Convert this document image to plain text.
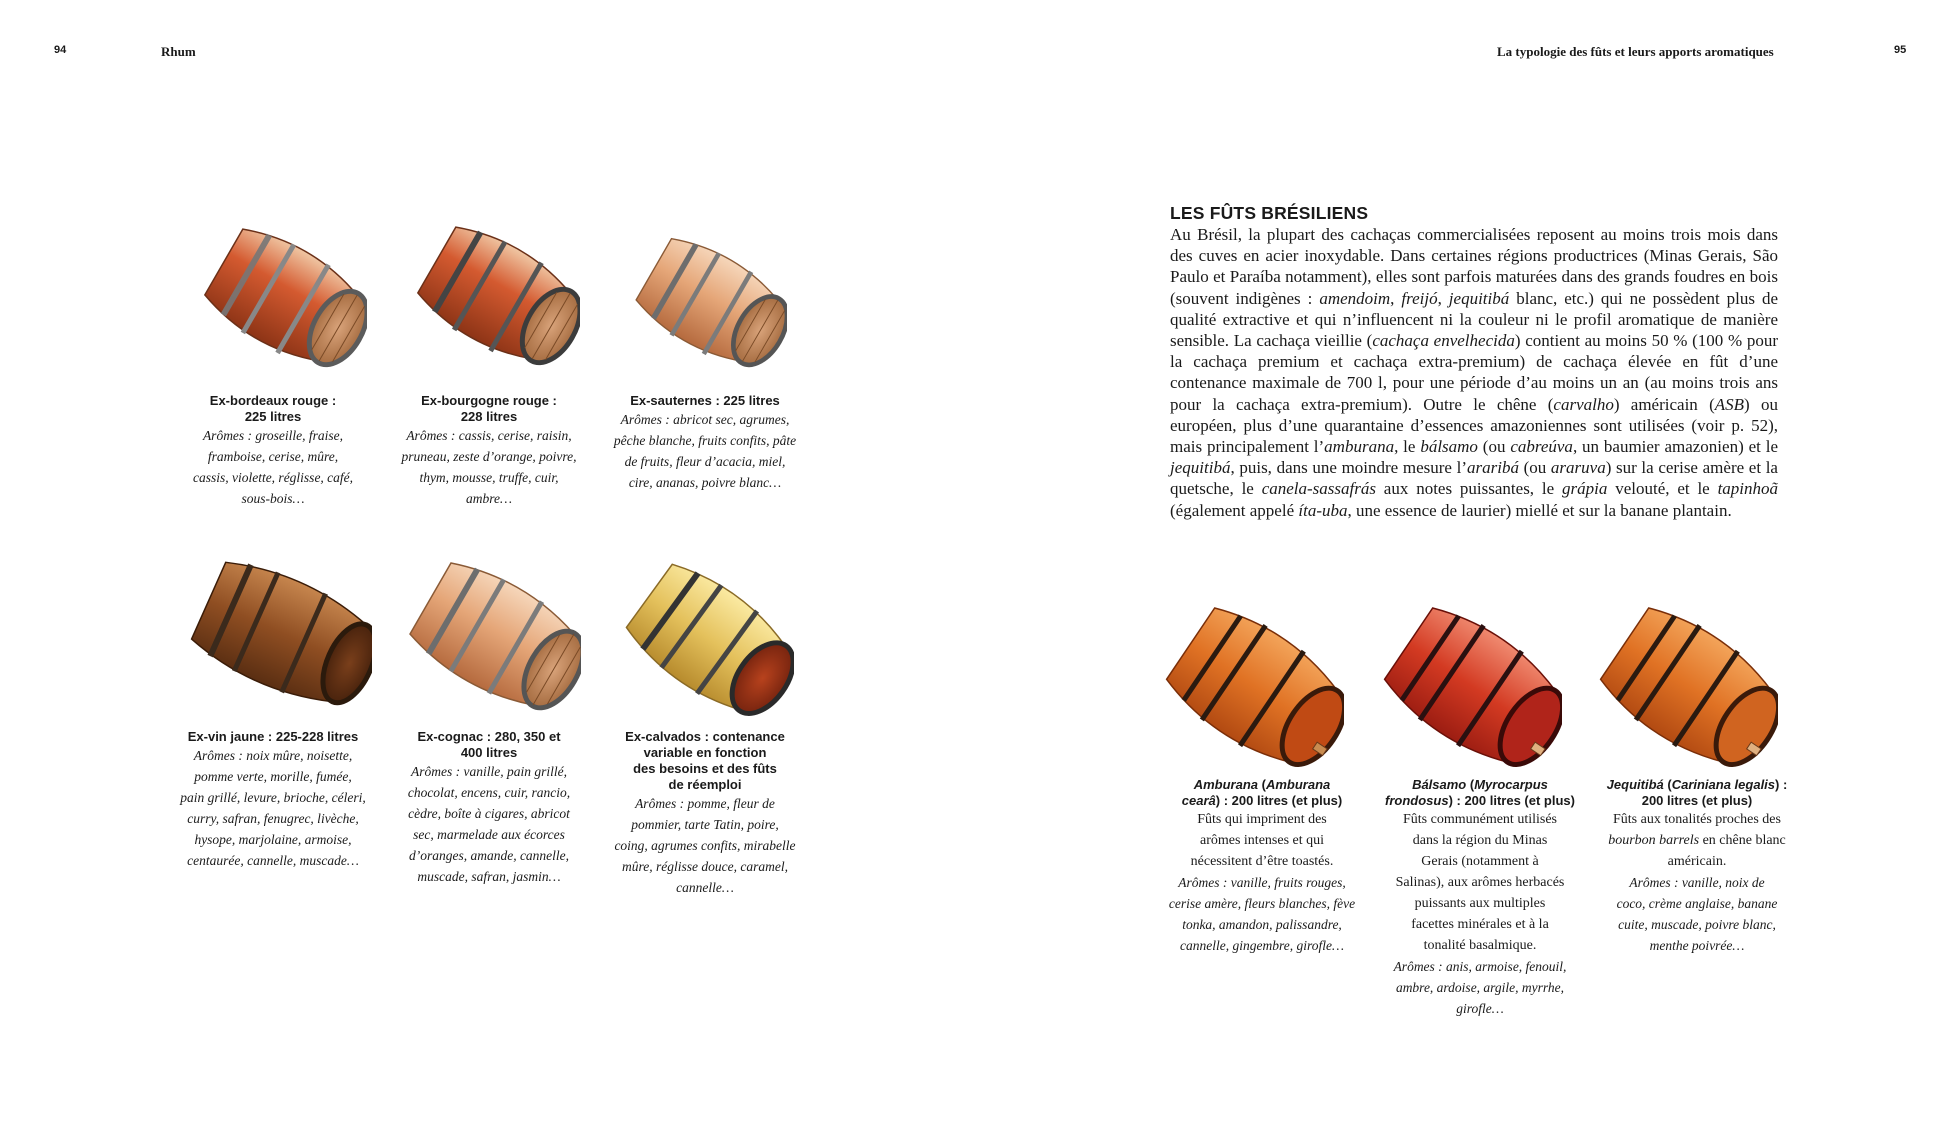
94	Rhum	La typologie des fûts et leurs apports aromatiques	95
Ex-bordeaux rouge :
225 litres
Arômes : groseille, fraise,
framboise, cerise, mûre,
cassis, violette, réglisse, café,
sous-bois…
Ex-bourgogne rouge :
228 litres
Arômes : cassis, cerise, raisin,
pruneau, zeste d’orange, poivre,
thym, mousse, truffe, cuir,
ambre…
Ex-sauternes : 225 litres
Arômes : abricot sec, agrumes,
pêche blanche, fruits confits, pâte
de fruits, fleur d’acacia, miel,
cire, ananas, poivre blanc…
Ex-vin jaune : 225-228 litres
Arômes : noix mûre, noisette,
pomme verte, morille, fumée,
pain grillé, levure, brioche, céleri,
curry, safran, fenugrec, livèche,
hysope, marjolaine, armoise,
centaurée, cannelle, muscade…
Ex-cognac : 280, 350 et
400 litres
Arômes : vanille, pain grillé,
chocolat, encens, cuir, rancio,
cèdre, boîte à cigares, abricot
sec, marmelade aux écorces
d’oranges, amande, cannelle,
muscade, safran, jasmin…
Ex-calvados : contenance
variable en fonction
des besoins et des fûts
de réemploi
Arômes : pomme, fleur de
pommier, tarte Tatin, poire,
coing, agrumes confits, mirabelle
mûre, réglisse douce, caramel,
cannelle…
LES FÛTS BRÉSILIENS
Au Brésil, la plupart des cachaças commercialisées reposent au moins trois mois dans des cuves en acier inoxydable. Dans certaines régions productrices (Minas Gerais, São Paulo et Paraíba notamment), elles sont parfois maturées dans des grands foudres en bois (souvent indigènes : amendoim, freijó, jequitibá blanc, etc.) qui ne possèdent plus de qualité extractive et qui n’influencent ni la couleur ni le profil aromatique de manière sensible. La cachaça vieillie (cachaça envelhecida) contient au moins 50 % (100 % pour la cachaça premium et cachaça extra-premium) de cachaça élevée en fût d’une contenance maximale de 700 l, pour une période d’au moins un an (au moins trois ans pour la cachaça extra-premium). Outre le chêne (carvalho) américain (ASB) ou européen, plus d’une quarantaine d’essences amazoniennes sont utilisées (voir p. 52), mais principalement l’amburana, le bálsamo (ou cabreúva, un baumier amazonien) et le jequitibá, puis, dans une moindre mesure l’araribá (ou araruva) sur la cerise amère et la quetsche, le canela-sassafrás aux notes puissantes, le grápia velouté, et le tapinhoã (également appelé íta-uba, une essence de laurier) miellé et sur la banane plantain.
Amburana (Amburana
cearâ) : 200 litres (et plus)
Fûts qui impriment des
arômes intenses et qui
nécessitent d’être toastés.
Arômes : vanille, fruits rouges,
cerise amère, fleurs blanches, fève
tonka, amandon, palissandre,
cannelle, gingembre, girofle…
Bálsamo (Myrocarpus
frondosus) : 200 litres (et plus)
Fûts communément utilisés
dans la région du Minas
Gerais (notamment à
Salinas), aux arômes herbacés
puissants aux multiples
facettes minérales et à la
tonalité basalmique.
Arômes : anis, armoise, fenouil,
ambre, ardoise, argile, myrrhe,
girofle…
Jequitibá (Cariniana legalis) :
200 litres (et plus)
Fûts aux tonalités proches des
bourbon barrels en chêne blanc
américain.
Arômes : vanille, noix de
coco, crème anglaise, banane
cuite, muscade, poivre blanc,
menthe poivrée…
